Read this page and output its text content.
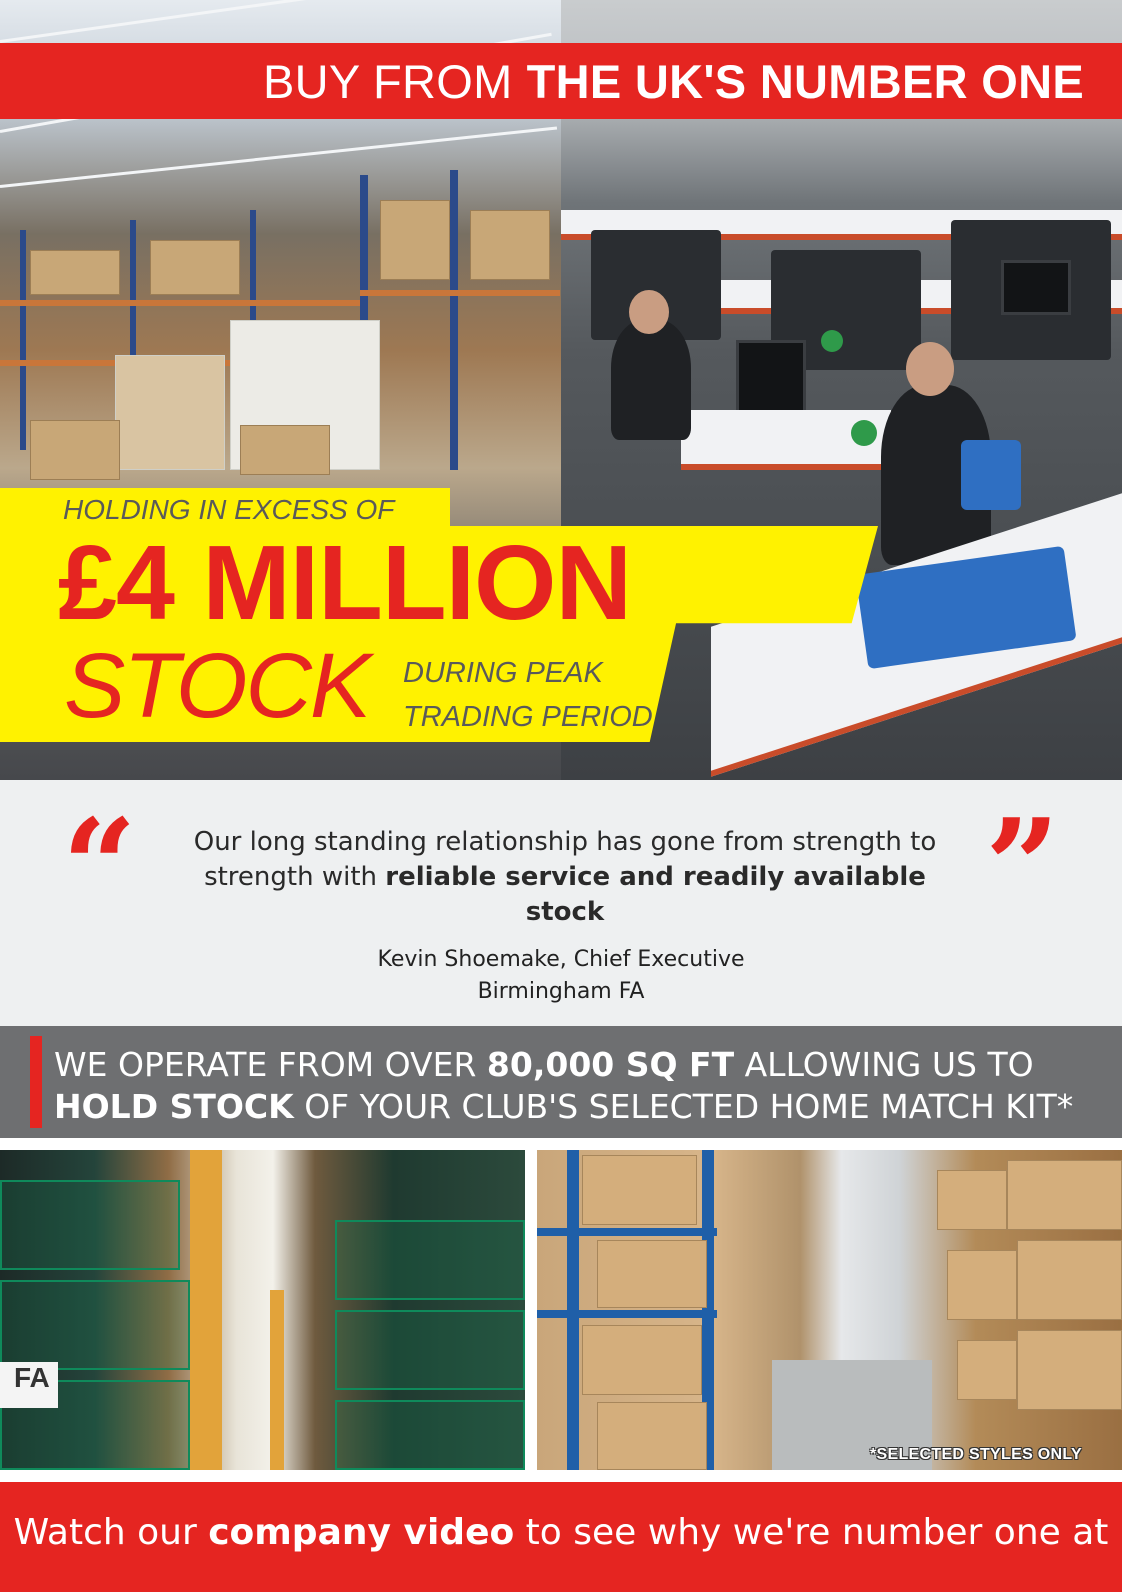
BUY FROM THE UK'S NUMBER ONE
HOLDING IN EXCESS OF
£4 MILLION
STOCK DURING PEAK
TRADING PERIOD
“	”
Our long standing relationship has gone from strength to strength with reliable service and readily available stock
Kevin Shoemake, Chief Executive
Birmingham FA
WE OPERATE FROM OVER 80,000 SQ FT ALLOWING US TO
HOLD STOCK OF YOUR CLUB'S SELECTED HOME MATCH KIT*
FA
*SELECTED STYLES ONLY
Watch our company video to see why we're number one at
